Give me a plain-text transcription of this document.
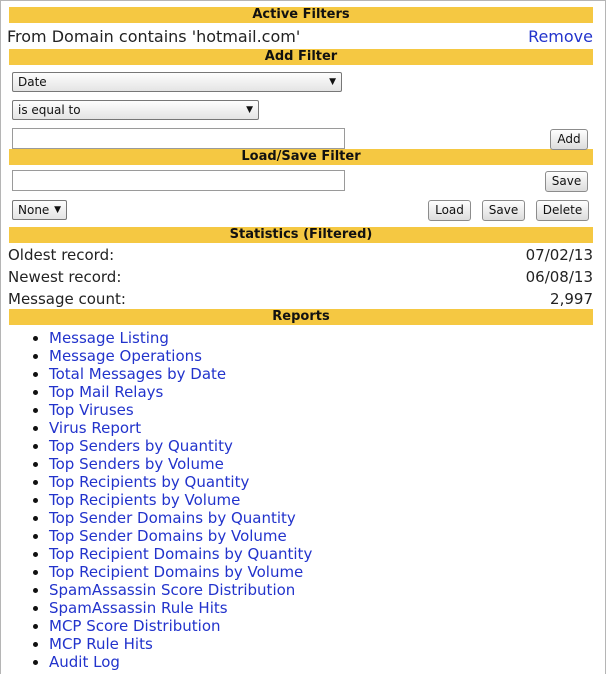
Active Filters
From Domain contains 'hotmail.com'	Remove
Add Filter
Date	▼
is equal to	▼
Add
Load/Save Filter
Save
None ▼	Load	Save	Delete
Statistics (Filtered)
Oldest record:	07/02/13
Newest record:	06/08/13
Message count:	2,997
Reports
• Message Listing
• Message Operations
• Total Messages by Date
• Top Mail Relays
• Top Viruses
• Virus Report
• Top Senders by Quantity
• Top Senders by Volume
• Top Recipients by Quantity
• Top Recipients by Volume
• Top Sender Domains by Quantity
• Top Sender Domains by Volume
• Top Recipient Domains by Quantity
• Top Recipient Domains by Volume
• SpamAssassin Score Distribution
• SpamAssassin Rule Hits
• MCP Score Distribution
• MCP Rule Hits
• Audit Log
